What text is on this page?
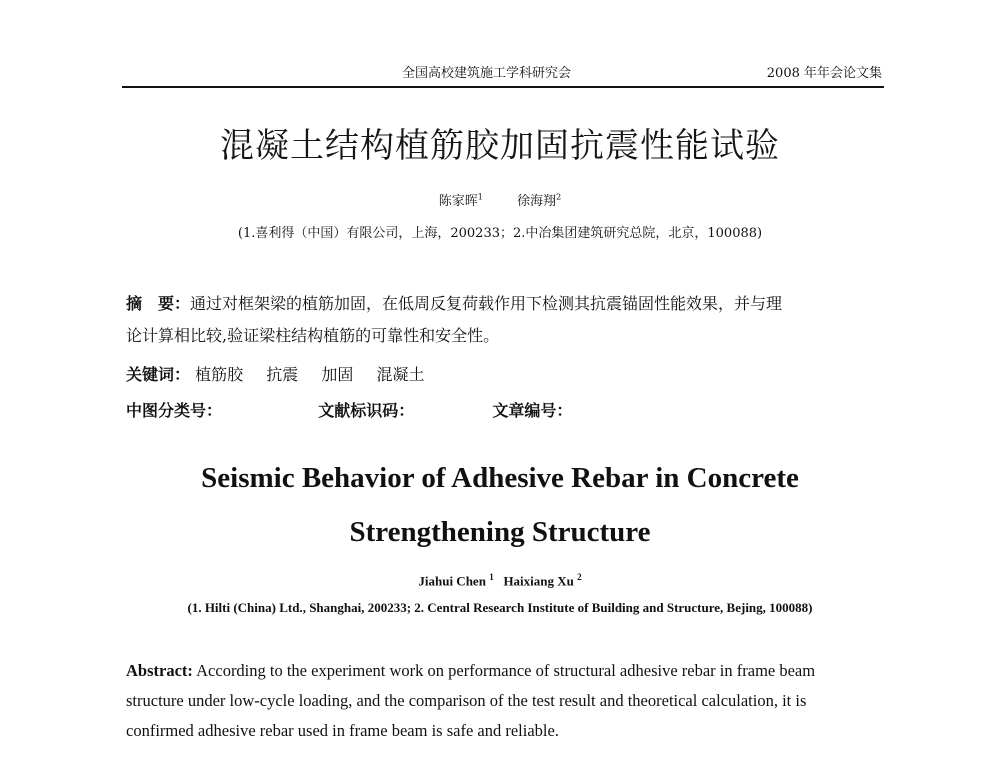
全国高校建筑施工学科研究会	2008 年年会论文集
混凝土结构植筋胶加固抗震性能试验
陈家晖$^1$	徐海翔$^2$
(1.喜利得（中国）有限公司，上海，200233；2.中冶集团建筑研究总院，北京，100088)
摘　要：通过对框架梁的植筋加固，在低周反复荷载作用下检测其抗震锚固性能效果，并与理
论计算相比较,验证梁柱结构植筋的可靠性和安全性。
关键词： 植筋胶 抗震 加固 混凝土
中图分类号：	文献标识码：	文章编号：
Seismic Behavior of Adhesive Rebar in Concrete
Strengthening Structure
Jiahui Chen $^1$ Haixiang Xu $^2$
(1. Hilti (China) Ltd., Shanghai, 200233; 2. Central Research Institute of Building and Structure, Bejing, 100088)
Abstract: According to the experiment work on performance of structural adhesive rebar in frame beam
structure under low-cycle loading, and the comparison of the test result and theoretical calculation, it is
confirmed adhesive rebar used in frame beam is safe and reliable.
